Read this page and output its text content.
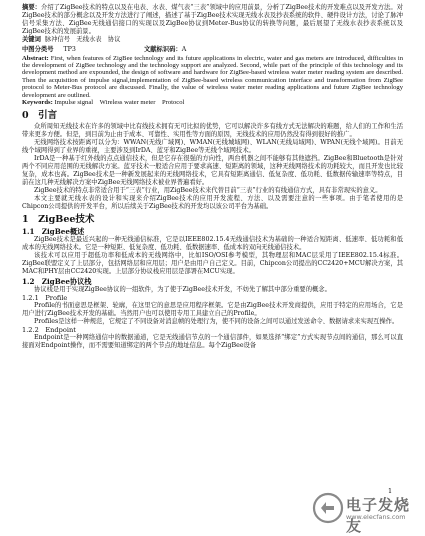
摘要：介绍了ZigBee技术的特点以及在电表、水表、煤气表“三表”领域中的应用前景，分析了ZigBee技术的开发难点以及开发方法。对ZigBee技术的部分概念以及开发方法进行了阐述，描述了基于ZigBee技术实现无线水表及抄表系统的软件、硬件设计方法，讨论了脉冲信号采集方法、ZigBee无线通信接口的实现以及ZigBee协议到Meter-Bus协议的转换等问题，最后展望了无线水表抄表系统以及ZigBee技术的发展前景。

关键词 脉冲信号　无线水表　协议
中图分类号 TP3	文献标识码： A

Abstract: First, when features of ZigBee technology and its future applications in electric, water and gas meters are introduced, difficulties in the development of ZigBee technology and the technology support are analyzed. Second, while part of the principle of this technology and its development method are expounded, the design of software and hardware for ZigBee-based wireless water meter reading system are described. Then the acquisition of impulse signal,implementation of ZigBee-based wireless communication interface and transformation from ZigBee protocol to Meter-Bus protocol are discussed. Finally, the value of wireless water meter reading applications and future ZigBee technology development are outlined.

Keywords: Impulse signal　Wireless water meter　Protocol

0　引言

众所周知无线技术在许多的领域中比有线技术拥有无可比拟的优势，它可以解决许多有线方式无法解决的难题，给人们的工作和生活带来更多方便。但是，到目前为止由于成本、可靠性、实用性等方面的原因，无线技术的应用仍然没有得到很好的推广。

无线网络技术按距离可以分为：WWAN(无线广域网)、WMAN(无线城域网)、WLAN(无线局域网)、WPAN(无线个域网)。目前无线个域网得到了业界的重视，主要涉及到IrDA、蓝牙和ZigBee等无线个域网技术。

IrDA是一种基于红外线的点点通信技术，但是它存在很强的方向性，两台机器之间不能够有其他遮挡。ZigBee和Bluetooth是针对两个不同应用范围的无线解决方案。蓝牙技术一般适合应用于要求高速、短距离的领域，这种无线网络技术的功耗较大，而且开发也比较复杂，成本也高。ZigBee技术是一种新发展起来的无线网络技术，它具有短距离通信、低复杂度、低功耗、低数据传输速率等特点，目前在这几种无线解决方案中ZigBee无线网络技术被业界普遍看好。

ZigBee技术的特点非常适合用于“三表”行业，用ZigBee技术来代替目前“三表”行业的有线通信方式，具有非常现实的意义。

本文主要就无线水表的设计和实现来介绍ZigBee技术的应用开发流程、方法、以及需要注意的一些事项。由于笔者使用的是Chipcon公司提供的开发平台，所以后续关于ZigBee技术的开发均以该公司平台为基础。

1　ZigBee技术
1.1　ZigBee概述

ZigBee技术是最近兴起的一种无线通信标准，它是以IEEE802.15.4无线通信技术为基础的一种适合短距离、低速率、低功耗和低成本的无线网络技术。它是一种短距、低复杂度、低功耗、低数据速率、低成本的双向无线通信技术。

该技术可以应用于超低功率和低成本的无线网络中，比如ISO/OSI参考模型，其物理层和MAC层采用了IEEE802.15.4标准。ZigBee联盟定义了上层部分，包括网络层和应用层；用户是由用户自己定义。目前，Chipcon公司提出的CC2420+MCU解决方案，其MAC和PHY层由CC2420实现。上层部分协议栈应用层是部署在MCU实现。

1.2　ZigBee协议栈

协议栈是用于实现ZigBee协议的一组软件，为了使于ZigBee技术开发，不妨先了解其中部分重要的概念。

1.2.1　Profile

Profile的书面意思是框架、轮廓，在这里它的意思是应用程序框架。它是由ZigBee技术开发商提供，应用于特定的应用场合，它是用户进行ZigBee技术开发的基础。当然用户也可以使用专用工具建立自己的Profile。

Profiles是这样一种规范，它规定了不同设备对消息帧的处理行为，使不同的设备之间可以通过发送命令、数据请求来实现互操作。

1.2.2　Endpoint

Endpoint是一种网络通信中的数据通道，它是无线通信节点的一个通信部件，如果选择“绑定”方式实现节点间的通信，那么可以直接面对Endpoint操作，而不需要知道绑定的两个节点的地址信息。每个ZigBee设备

1
电子发烧友
www.elecfans.com
